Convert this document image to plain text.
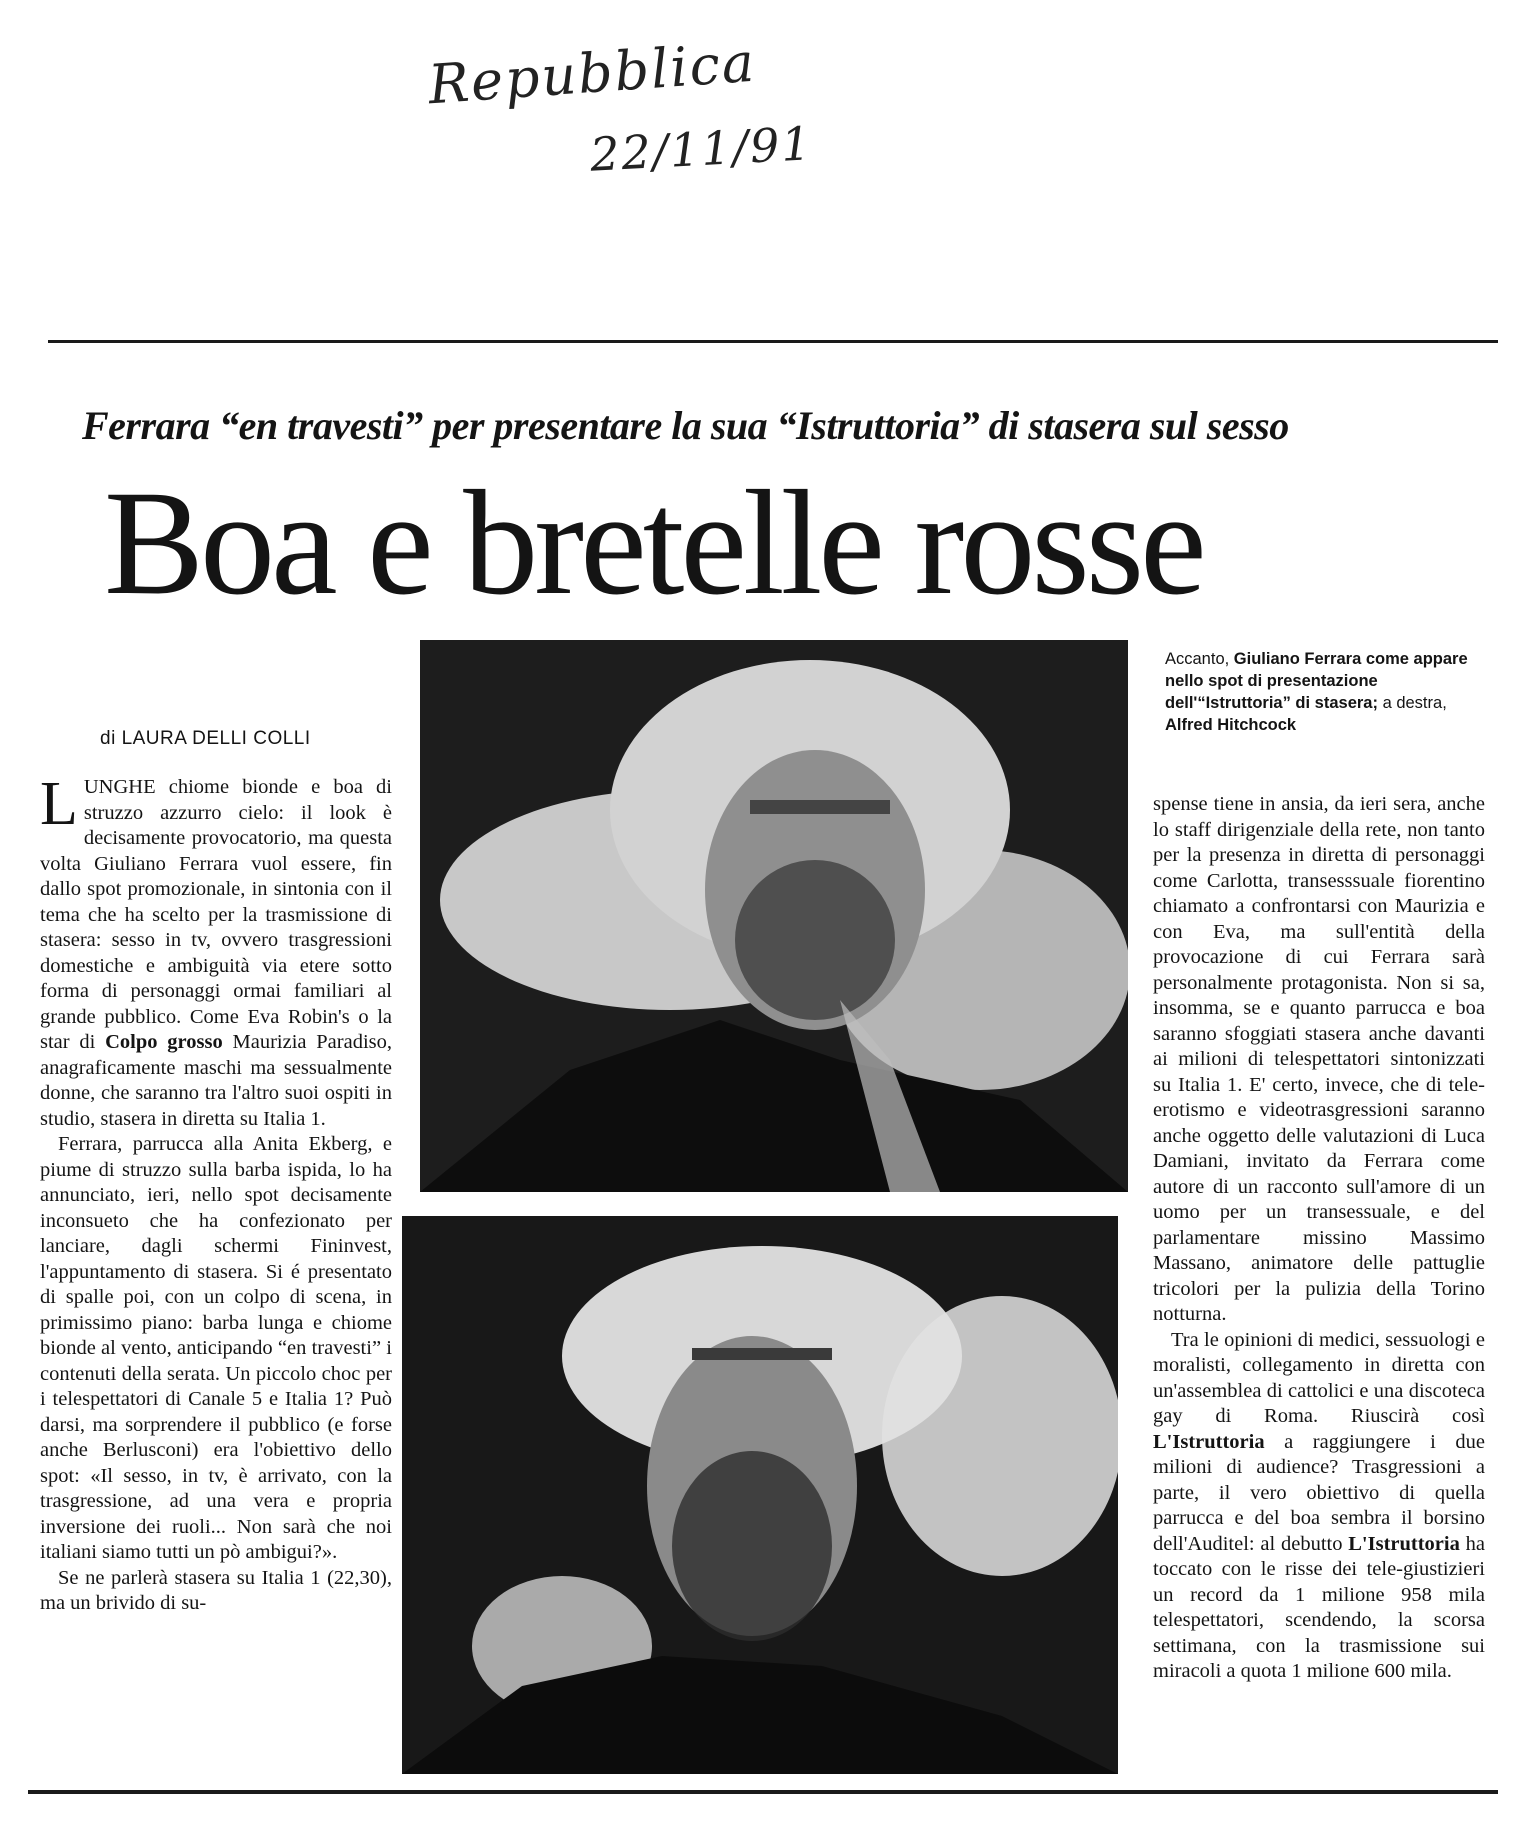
Repubblica
22/11/91
Ferrara “en travesti” per presentare la sua “Istruttoria” di stasera sul sesso
Boa e bretelle rosse
di LAURA DELLI COLLI

LUNGHE chiome bionde e boa di struzzo azzurro cielo: il look è decisamente provocatorio, ma questa volta Giuliano Ferrara vuol essere, fin dallo spot promozionale, in sintonia con il tema che ha scelto per la trasmissione di stasera: sesso in tv, ovvero trasgressioni domestiche e ambiguità via etere sotto forma di personaggi ormai familiari al grande pubblico. Come Eva Robin's o la star di Colpo grosso Maurizia Paradiso, anagraficamente maschi ma sessualmente donne, che saranno tra l'altro suoi ospiti in studio, stasera in diretta su Italia 1.

Ferrara, parrucca alla Anita Ekberg, e piume di struzzo sulla barba ispida, lo ha annunciato, ieri, nello spot decisamente inconsueto che ha confezionato per lanciare, dagli schermi Fininvest, l'appuntamento di stasera. Si é presentato di spalle poi, con un colpo di scena, in primissimo piano: barba lunga e chiome bionde al vento, anticipando “en travesti” i contenuti della serata. Un piccolo choc per i telespettatori di Canale 5 e Italia 1? Può darsi, ma sorprendere il pubblico (e forse anche Berlusconi) era l'obiettivo dello spot: «Il sesso, in tv, è arrivato, con la trasgressione, ad una vera e propria inversione dei ruoli... Non sarà che noi italiani siamo tutti un pò ambigui?».

Se ne parlerà stasera su Italia 1 (22,30), ma un brivido di su-

Accanto, Giuliano Ferrara come appare nello spot di presentazione dell'“Istruttoria” di stasera; a destra, Alfred Hitchcock

spense tiene in ansia, da ieri sera, anche lo staff dirigenziale della rete, non tanto per la presenza in diretta di personaggi come Carlotta, transesssuale fiorentino chiamato a confrontarsi con Maurizia e con Eva, ma sull'entità della provocazione di cui Ferrara sarà personalmente protagonista. Non si sa, insomma, se e quanto parrucca e boa saranno sfoggiati stasera anche davanti ai milioni di telespettatori sintonizzati su Italia 1. E' certo, invece, che di tele-erotismo e videotrasgressioni saranno anche oggetto delle valutazioni di Luca Damiani, invitato da Ferrara come autore di un racconto sull'amore di un uomo per un transessuale, e del parlamentare missino Massimo Massano, animatore delle pattuglie tricolori per la pulizia della Torino notturna.

Tra le opinioni di medici, sessuologi e moralisti, collegamento in diretta con un'assemblea di cattolici e una discoteca gay di Roma. Riuscirà così L'Istruttoria a raggiungere i due milioni di audience? Trasgressioni a parte, il vero obiettivo di quella parrucca e del boa sembra il borsino dell'Auditel: al debutto L'Istruttoria ha toccato con le risse dei tele-giustizieri un record da 1 milione 958 mila telespettatori, scendendo, la scorsa settimana, con la trasmissione sui miracoli a quota 1 milione 600 mila.
